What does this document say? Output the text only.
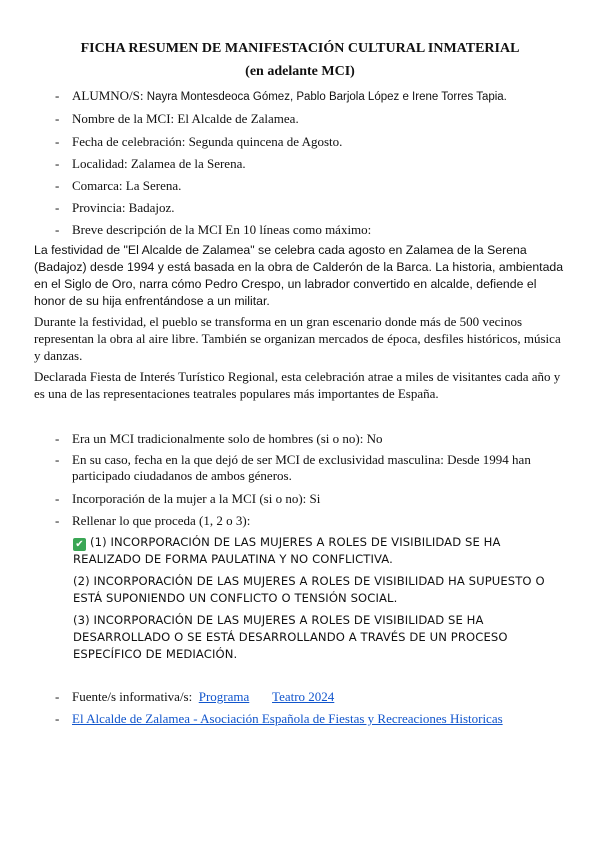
FICHA RESUMEN DE MANIFESTACIÓN CULTURAL INMATERIAL
(en adelante MCI)
- ALUMNO/S: Nayra Montesdeoca Gómez, Pablo Barjola López e Irene Torres Tapia.
- Nombre de la MCI: El Alcalde de Zalamea.
- Fecha de celebración: Segunda quincena de Agosto.
- Localidad: Zalamea de la Serena.
- Comarca: La Serena.
- Provincia: Badajoz.
- Breve descripción de la MCI En 10 líneas como máximo:
La festividad de "El Alcalde de Zalamea" se celebra cada agosto en Zalamea de la Serena (Badajoz) desde 1994 y está basada en la obra de Calderón de la Barca. La historia, ambientada en el Siglo de Oro, narra cómo Pedro Crespo, un labrador convertido en alcalde, defiende el honor de su hija enfrentándose a un militar.
Durante la festividad, el pueblo se transforma en un gran escenario donde más de 500 vecinos representan la obra al aire libre. También se organizan mercados de época, desfiles históricos, música y danzas.
Declarada Fiesta de Interés Turístico Regional, esta celebración atrae a miles de visitantes cada año y es una de las representaciones teatrales populares más importantes de España.
- Era un MCI tradicionalmente solo de hombres (si o no): No
- En su caso, fecha en la que dejó de ser MCI de exclusividad masculina: Desde 1994 han participado ciudadanos de ambos géneros.
- Incorporación de la mujer a la MCI (si o no): Si
- Rellenar lo que proceda (1, 2 o 3):
✔ (1) INCORPORACIÓN DE LAS MUJERES A ROLES DE VISIBILIDAD SE HA REALIZADO DE FORMA PAULATINA Y NO CONFLICTIVA.
(2) INCORPORACIÓN DE LAS MUJERES A ROLES DE VISIBILIDAD HA SUPUESTO O ESTÁ SUPONIENDO UN CONFLICTO O TENSIÓN SOCIAL.
(3) INCORPORACIÓN DE LAS MUJERES A ROLES DE VISIBILIDAD SE HA DESARROLLADO O SE ESTÁ DESARROLLANDO A TRAVÉS DE UN PROCESO ESPECÍFICO DE MEDIACIÓN.
- Fuente/s informativa/s: Programa Teatro 2024
- El Alcalde de Zalamea - Asociación Española de Fiestas y Recreaciones Historicas
